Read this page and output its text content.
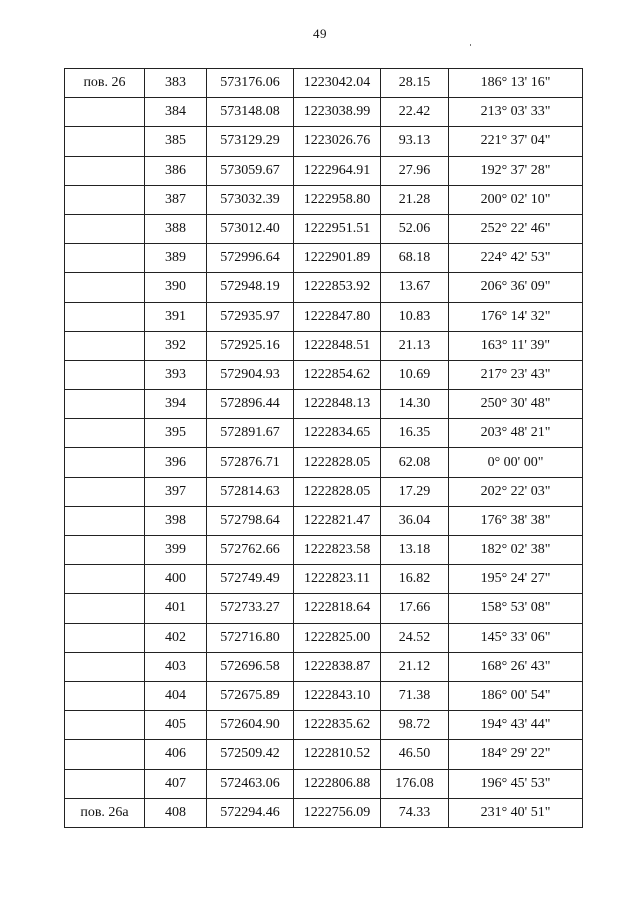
49
пов. 26	383	573176.06	1223042.04	28.15	186° 13' 16"
	384	573148.08	1223038.99	22.42	213° 03' 33"
	385	573129.29	1223026.76	93.13	221° 37' 04"
	386	573059.67	1222964.91	27.96	192° 37' 28"
	387	573032.39	1222958.80	21.28	200° 02' 10"
	388	573012.40	1222951.51	52.06	252° 22' 46"
	389	572996.64	1222901.89	68.18	224° 42' 53"
	390	572948.19	1222853.92	13.67	206° 36' 09"
	391	572935.97	1222847.80	10.83	176° 14' 32"
	392	572925.16	1222848.51	21.13	163° 11' 39"
	393	572904.93	1222854.62	10.69	217° 23' 43"
	394	572896.44	1222848.13	14.30	250° 30' 48"
	395	572891.67	1222834.65	16.35	203° 48' 21"
	396	572876.71	1222828.05	62.08	0° 00' 00"
	397	572814.63	1222828.05	17.29	202° 22' 03"
	398	572798.64	1222821.47	36.04	176° 38' 38"
	399	572762.66	1222823.58	13.18	182° 02' 38"
	400	572749.49	1222823.11	16.82	195° 24' 27"
	401	572733.27	1222818.64	17.66	158° 53' 08"
	402	572716.80	1222825.00	24.52	145° 33' 06"
	403	572696.58	1222838.87	21.12	168° 26' 43"
	404	572675.89	1222843.10	71.38	186° 00' 54"
	405	572604.90	1222835.62	98.72	194° 43' 44"
	406	572509.42	1222810.52	46.50	184° 29' 22"
	407	572463.06	1222806.88	176.08	196° 45' 53"
пов. 26а	408	572294.46	1222756.09	74.33	231° 40' 51"
